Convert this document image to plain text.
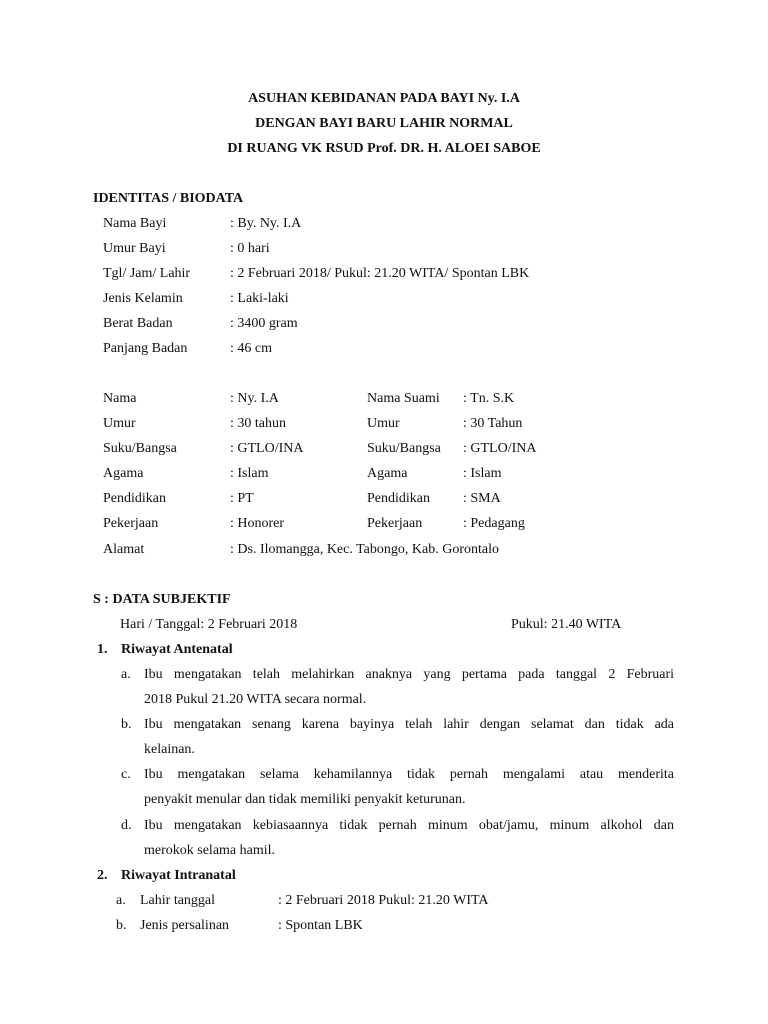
ASUHAN KEBIDANAN PADA BAYI Ny. I.A
DENGAN BAYI BARU LAHIR NORMAL
DI RUANG VK RSUD Prof. DR. H. ALOEI SABOE
IDENTITAS / BIODATA
Nama Bayi	: By. Ny. I.A
Umur Bayi	: 0 hari
Tgl/ Jam/ Lahir	: 2 Februari 2018/ Pukul: 21.20 WITA/ Spontan LBK
Jenis Kelamin	: Laki-laki
Berat Badan	: 3400 gram
Panjang Badan	: 46 cm
Nama	: Ny. I.A	Nama Suami : Tn. S.K
Umur	: 30 tahun	Umur	: 30 Tahun
Suku/Bangsa	: GTLO/INA	Suku/Bangsa : GTLO/INA
Agama	: Islam	Agama	: Islam
Pendidikan	: PT	Pendidikan : SMA
Pekerjaan	: Honorer	Pekerjaan	: Pedagang
Alamat	: Ds. Ilomangga, Kec. Tabongo, Kab. Gorontalo
S : DATA SUBJEKTIF
Hari / Tanggal: 2 Februari 2018	Pukul: 21.40 WITA
1. Riwayat Antenatal
a. Ibu mengatakan telah melahirkan anaknya yang pertama pada tanggal 2 Februari
2018 Pukul 21.20 WITA secara normal.
b. Ibu mengatakan senang karena bayinya telah lahir dengan selamat dan tidak ada
kelainan.
c. Ibu mengatakan selama kehamilannya tidak pernah mengalami atau menderita
penyakit menular dan tidak memiliki penyakit keturunan.
d. Ibu mengatakan kebiasaannya tidak pernah minum obat/jamu, minum alkohol dan
merokok selama hamil.
2. Riwayat Intranatal
a. Lahir tanggal	: 2 Februari 2018 Pukul: 21.20 WITA
b. Jenis persalinan	: Spontan LBK
